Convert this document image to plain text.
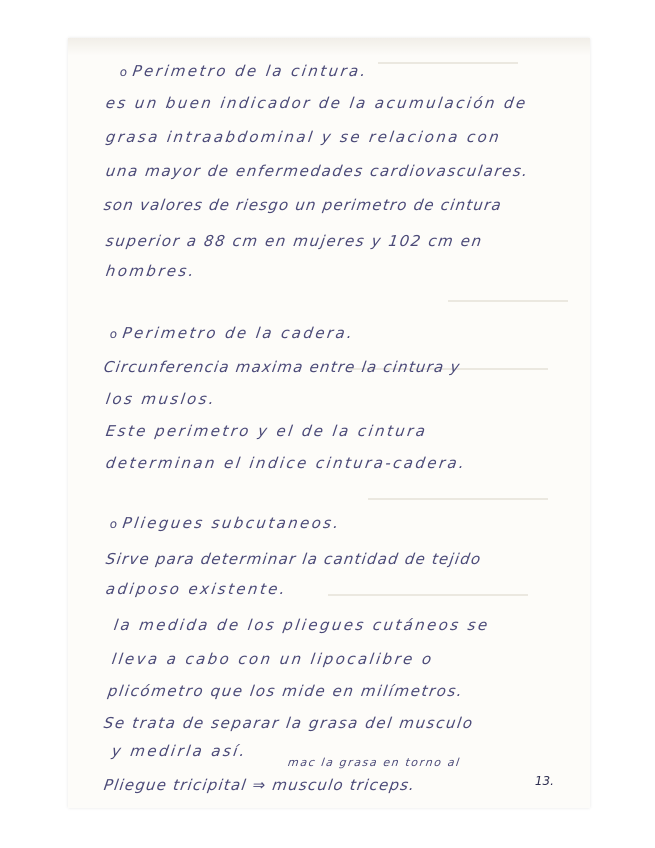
o Perimetro de la cintura.
es un buen indicador de la acumulación de
grasa intraabdominal y se relaciona con
una mayor de enfermedades cardiovasculares.
son valores de riesgo un perimetro de cintura
superior a 88 cm en mujeres y 102 cm en
hombres.
o Perimetro de la cadera.
Circunferencia maxima entre la cintura y
los muslos.
Este perimetro y el de la cintura
determinan el indice cintura-cadera.
o Pliegues subcutaneos.
Sirve para determinar la cantidad de tejido
adiposo existente.
la medida de los pliegues cutáneos se
lleva a cabo con un lipocalibre o
plicómetro que los mide en milímetros.
Se trata de separar la grasa del musculo
y medirla así.
mac la grasa en torno al
Pliegue tricipital ⇒ musculo triceps.	13.
